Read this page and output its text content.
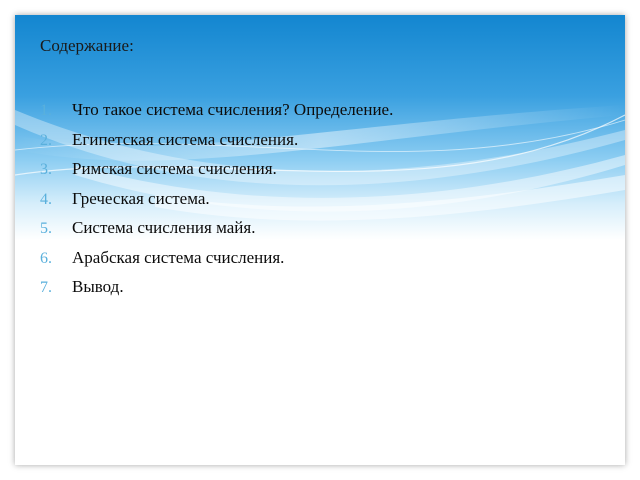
Содержание:
1.	Что такое система счисления? Определение.
2.	Египетская система счисления.
3.	Римская система счисления.
4.	Греческая система.
5.	Система счисления майя.
6.	Арабская система счисления.
7.	Вывод.
